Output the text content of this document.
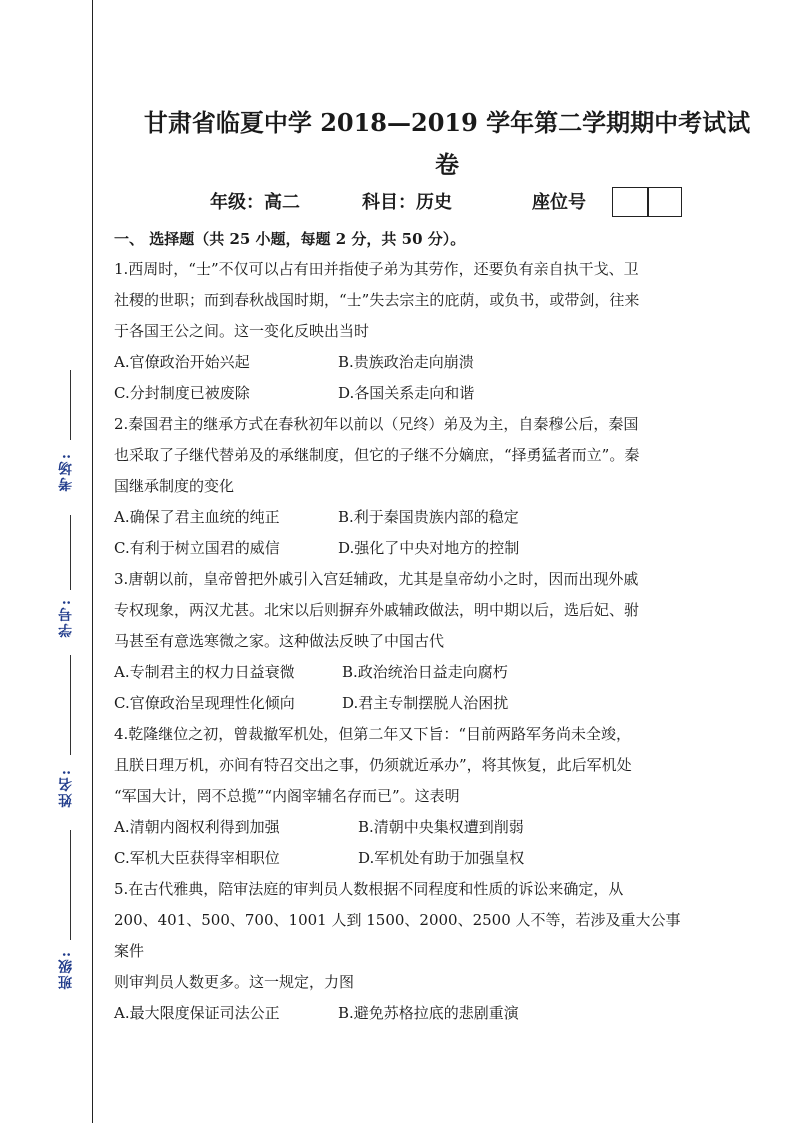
考场:
学号:
姓名:
班级:
甘肃省临夏中学 2018—2019 学年第二学期期中考试试
卷
年级：高二	科目：历史	座位号
一、 选择题（共 25 小题，每题 2 分，共 50 分）。

1.西周时，“士”不仅可以占有田并指使子弟为其劳作，还要负有亲自执干戈、卫

社稷的世职；而到春秋战国时期，“士”失去宗主的庇荫，或负书，或带剑，往来

于各国王公之间。这一变化反映出当时

A.官僚政治开始兴起	B.贵族政治走向崩溃
C.分封制度已被废除	D.各国关系走向和谐

2.秦国君主的继承方式在春秋初年以前以（兄终）弟及为主，自秦穆公后，秦国

也采取了子继代替弟及的承继制度，但它的子继不分嫡庶，“择勇猛者而立”。秦

国继承制度的变化

A.确保了君主血统的纯正	B.利于秦国贵族内部的稳定
C.有利于树立国君的威信	D.强化了中央对地方的控制

3.唐朝以前，皇帝曾把外戚引入宫廷辅政，尤其是皇帝幼小之时，因而出现外戚

专权现象，两汉尤甚。北宋以后则摒弃外戚辅政做法，明中期以后，选后妃、驸

马甚至有意选寒微之家。这种做法反映了中国古代

A.专制君主的权力日益衰微	B.政治统治日益走向腐朽
C.官僚政治呈现理性化倾向	D.君主专制摆脱人治困扰

4.乾隆继位之初，曾裁撤军机处，但第二年又下旨：“目前两路军务尚未全竣，

且朕日理万机，亦间有特召交出之事，仍须就近承办”，将其恢复，此后军机处

“军国大计，罔不总揽”“内阁宰辅名存而已”。这表明

A.清朝内阁权利得到加强	B.清朝中央集权遭到削弱
C.军机大臣获得宰相职位	D.军机处有助于加强皇权

5.在古代雅典，陪审法庭的审判员人数根据不同程度和性质的诉讼来确定，从

200、401、500、700、1001 人到 1500、2000、2500 人不等，若涉及重大公事案件

则审判员人数更多。这一规定，力图

A.最大限度保证司法公正	B.避免苏格拉底的悲剧重演
